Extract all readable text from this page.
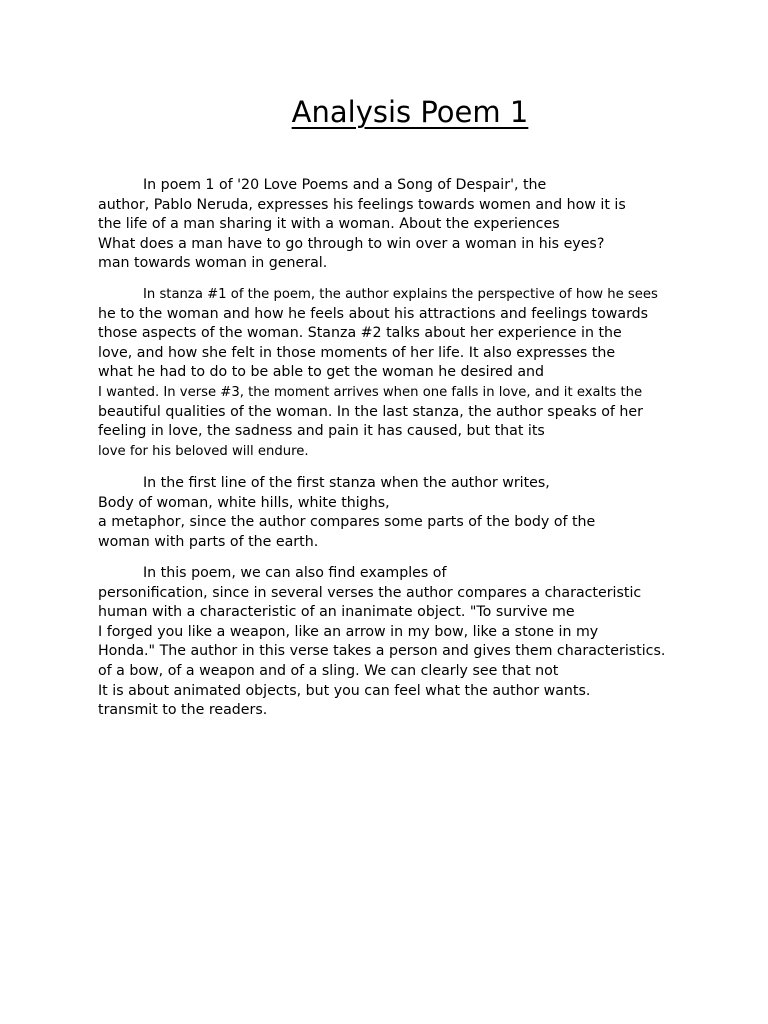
Analysis Poem 1
In poem 1 of '20 Love Poems and a Song of Despair', the
author, Pablo Neruda, expresses his feelings towards women and how it is
the life of a man sharing it with a woman. About the experiences
What does a man have to go through to win over a woman in his eyes?
man towards woman in general.
In stanza #1 of the poem, the author explains the perspective of how he sees
he to the woman and how he feels about his attractions and feelings towards
those aspects of the woman. Stanza #2 talks about her experience in the
love, and how she felt in those moments of her life. It also expresses the
what he had to do to be able to get the woman he desired and
I wanted. In verse #3, the moment arrives when one falls in love, and it exalts the
beautiful qualities of the woman. In the last stanza, the author speaks of her
feeling in love, the sadness and pain it has caused, but that its
love for his beloved will endure.
In the first line of the first stanza when the author writes,
Body of woman, white hills, white thighs,
a metaphor, since the author compares some parts of the body of the
woman with parts of the earth.
In this poem, we can also find examples of
personification, since in several verses the author compares a characteristic
human with a characteristic of an inanimate object. "To survive me
I forged you like a weapon, like an arrow in my bow, like a stone in my
Honda." The author in this verse takes a person and gives them characteristics.
of a bow, of a weapon and of a sling. We can clearly see that not
It is about animated objects, but you can feel what the author wants.
transmit to the readers.
